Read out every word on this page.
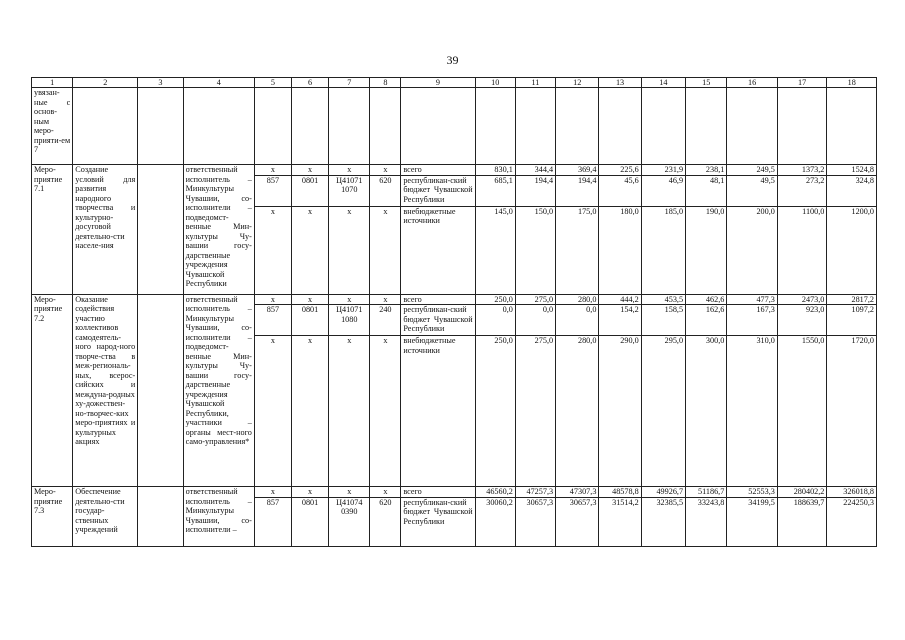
39
1	2	3	4	5	6	7	8	9	10	11	12	13	14	15	16	17	18
увязан-ные с основ-ным меро-прияти-ем 7																	
Меро-приятие 7.1	Создание условий для развития народного творчества и культурно-досуговой деятельно-сти населе-ния		ответственный исполнитель – Минкультуры Чувашии, со-исполнители – подведомст-венные Мин-культуры Чу-вашии госу-дарственные учреждения Чувашской Республики	x	x	x	x	всего	830,1	344,4	369,4	225,6	231,9	238,1	249,5	1373,2	1524,8
				857	0801	Ц41071 1070	620	республикан-ский бюджет Чувашской Республики	685,1	194,4	194,4	45,6	46,9	48,1	49,5	273,2	324,8
				x	x	x	x	внебюджетные источники	145,0	150,0	175,0	180,0	185,0	190,0	200,0	1100,0	1200,0
Меро-приятие 7.2	Оказание содействия участию коллективов самодеятель-ного народ-ного творче-ства в меж-региональ-ных, всерос-сийских и междуна-родных ху-дожествен-но-творчес-ких меро-приятиях и культурных акциях		ответственный исполнитель – Минкультуры Чувашии, со-исполнители – подведомст-венные Мин-культуры Чу-вашии госу-дарственные учреждения Чувашской Республики, участники – органы мест-ного само-управления*	x	x	x	x	всего	250,0	275,0	280,0	444,2	453,5	462,6	477,3	2473,0	2817,2
				857	0801	Ц41071 1080	240	республикан-ский бюджет Чувашской Республики	0,0	0,0	0,0	154,2	158,5	162,6	167,3	923,0	1097,2
				x	x	x	x	внебюджетные источники	250,0	275,0	280,0	290,0	295,0	300,0	310,0	1550,0	1720,0
Меро-приятие 7.3	Обеспечение деятельно-сти государ-ственных учреждений		ответственный исполнитель – Минкультуры Чувашии, со-исполнители –	x	x	x	x	всего	46560,2	47257,3	47307,3	48578,8	49926,7	51186,7	52553,3	280402,2	326018,8
				857	0801	Ц41074 0390	620	республикан-ский бюджет Чувашской Республики	30060,2	30657,3	30657,3	31514,2	32385,5	33243,8	34199,5	188639,7	224250,3
